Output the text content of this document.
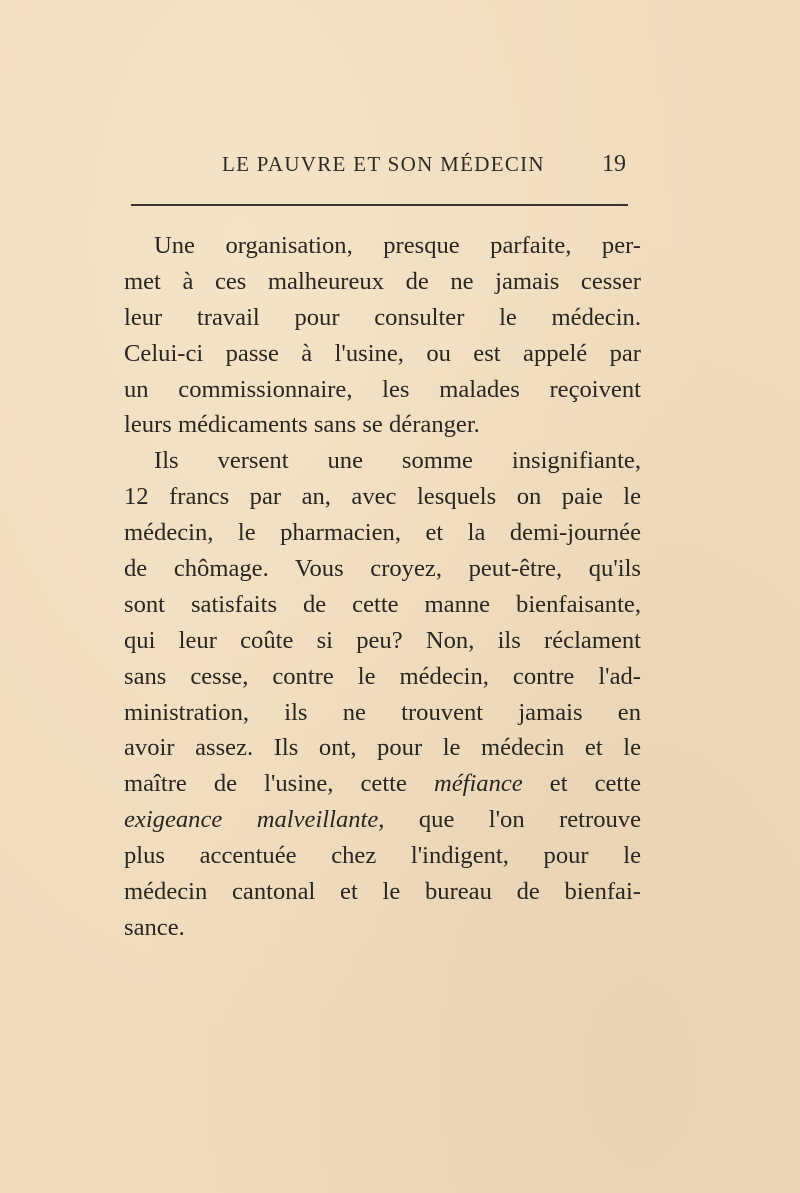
LE PAUVRE ET SON MÉDECIN 19
Une organisation, presque parfaite, per-
met à ces malheureux de ne jamais cesser
leur travail pour consulter le médecin.
Celui-ci passe à l'usine, ou est appelé par
un commissionnaire, les malades reçoivent
leurs médicaments sans se déranger.
Ils versent une somme insignifiante,
12 francs par an, avec lesquels on paie le
médecin, le pharmacien, et la demi-journée
de chômage. Vous croyez, peut-être, qu'ils
sont satisfaits de cette manne bienfaisante,
qui leur coûte si peu? Non, ils réclament
sans cesse, contre le médecin, contre l'ad-
ministration, ils ne trouvent jamais en
avoir assez. Ils ont, pour le médecin et le
maître de l'usine, cette méfiance et cette
exigeance malveillante, que l'on retrouve
plus accentuée chez l'indigent, pour le
médecin cantonal et le bureau de bienfai-
sance.
